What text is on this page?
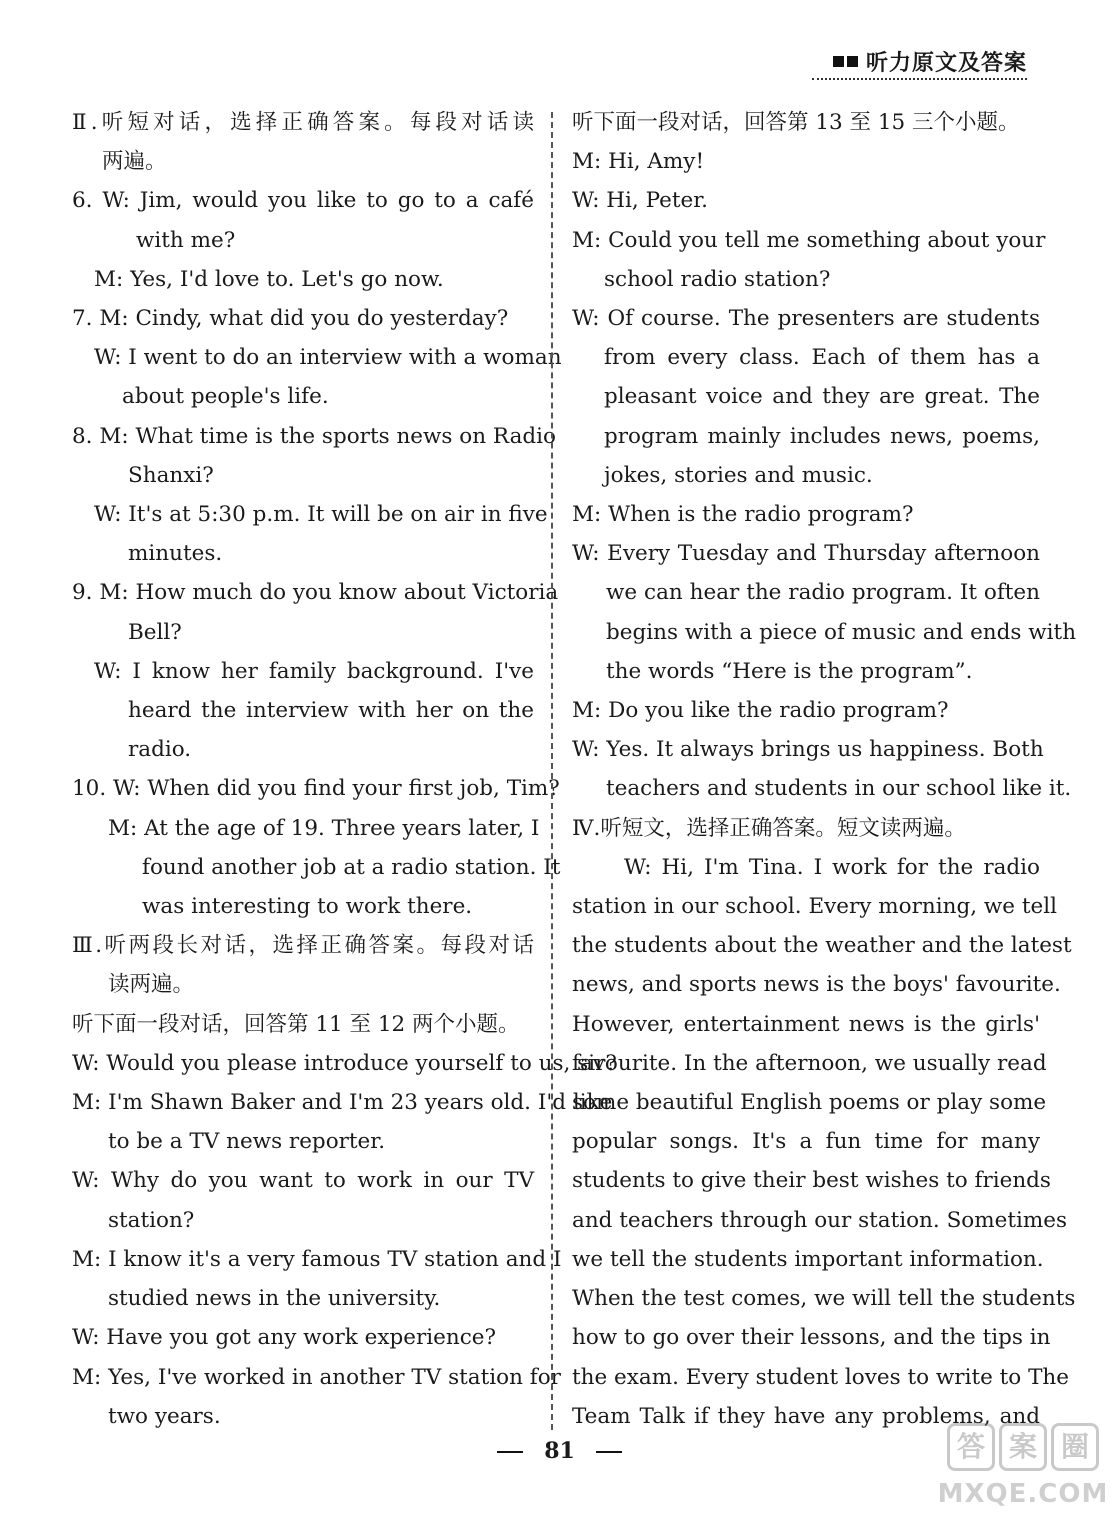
听力原文及答案
Ⅱ.听短对话，选择正确答案。每段对话读
两遍。
6. W: Jim, would you like to go to a café
with me?
M: Yes, I'd love to. Let's go now.
7. M: Cindy, what did you do yesterday?
W: I went to do an interview with a woman
about people's life.
8. M: What time is the sports news on Radio
Shanxi?
W: It's at 5:30 p.m. It will be on air in five
minutes.
9. M: How much do you know about Victoria
Bell?
W: I know her family background. I've
heard the interview with her on the
radio.
10. W: When did you find your first job, Tim?
M: At the age of 19. Three years later, I
found another job at a radio station. It
was interesting to work there.
Ⅲ.听两段长对话，选择正确答案。每段对话
读两遍。
听下面一段对话，回答第 11 至 12 两个小题。
W: Would you please introduce yourself to us, sir?
M: I'm Shawn Baker and I'm 23 years old. I'd like
to be a TV news reporter.
W: Why do you want to work in our TV
station?
M: I know it's a very famous TV station and I
studied news in the university.
W: Have you got any work experience?
M: Yes, I've worked in another TV station for
two years.
听下面一段对话，回答第 13 至 15 三个小题。
M: Hi, Amy!
W: Hi, Peter.
M: Could you tell me something about your
school radio station?
W: Of course. The presenters are students
from every class. Each of them has a
pleasant voice and they are great. The
program mainly includes news, poems,
jokes, stories and music.
M: When is the radio program?
W: Every Tuesday and Thursday afternoon
we can hear the radio program. It often
begins with a piece of music and ends with
the words “Here is the program”.
M: Do you like the radio program?
W: Yes. It always brings us happiness. Both
teachers and students in our school like it.
Ⅳ.听短文，选择正确答案。短文读两遍。
W: Hi, I'm Tina. I work for the radio
station in our school. Every morning, we tell
the students about the weather and the latest
news, and sports news is the boys' favourite.
However, entertainment news is the girls'
favourite. In the afternoon, we usually read
some beautiful English poems or play some
popular songs. It's a fun time for many
students to give their best wishes to friends
and teachers through our station. Sometimes
we tell the students important information.
When the test comes, we will tell the students
how to go over their lessons, and the tips in
the exam. Every student loves to write to The
Team Talk if they have any problems, and
81	答 案 圈
MXQE.COM
